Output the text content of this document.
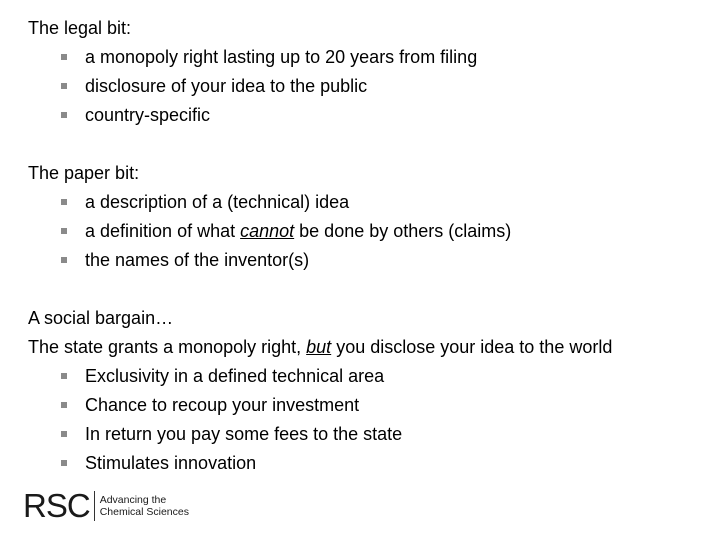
The legal bit:
a monopoly right lasting up to 20 years from filing
disclosure of your idea to the public
country-specific
The paper bit:
a description of a (technical) idea
a definition of what cannot be done by others (claims)
the names of the inventor(s)
A social bargain…
The state grants a monopoly right, but you disclose your idea to the world
Exclusivity in a defined technical area
Chance to recoup your investment
In return you pay some fees to the state
Stimulates innovation
RSC Advancing the
Chemical Sciences
